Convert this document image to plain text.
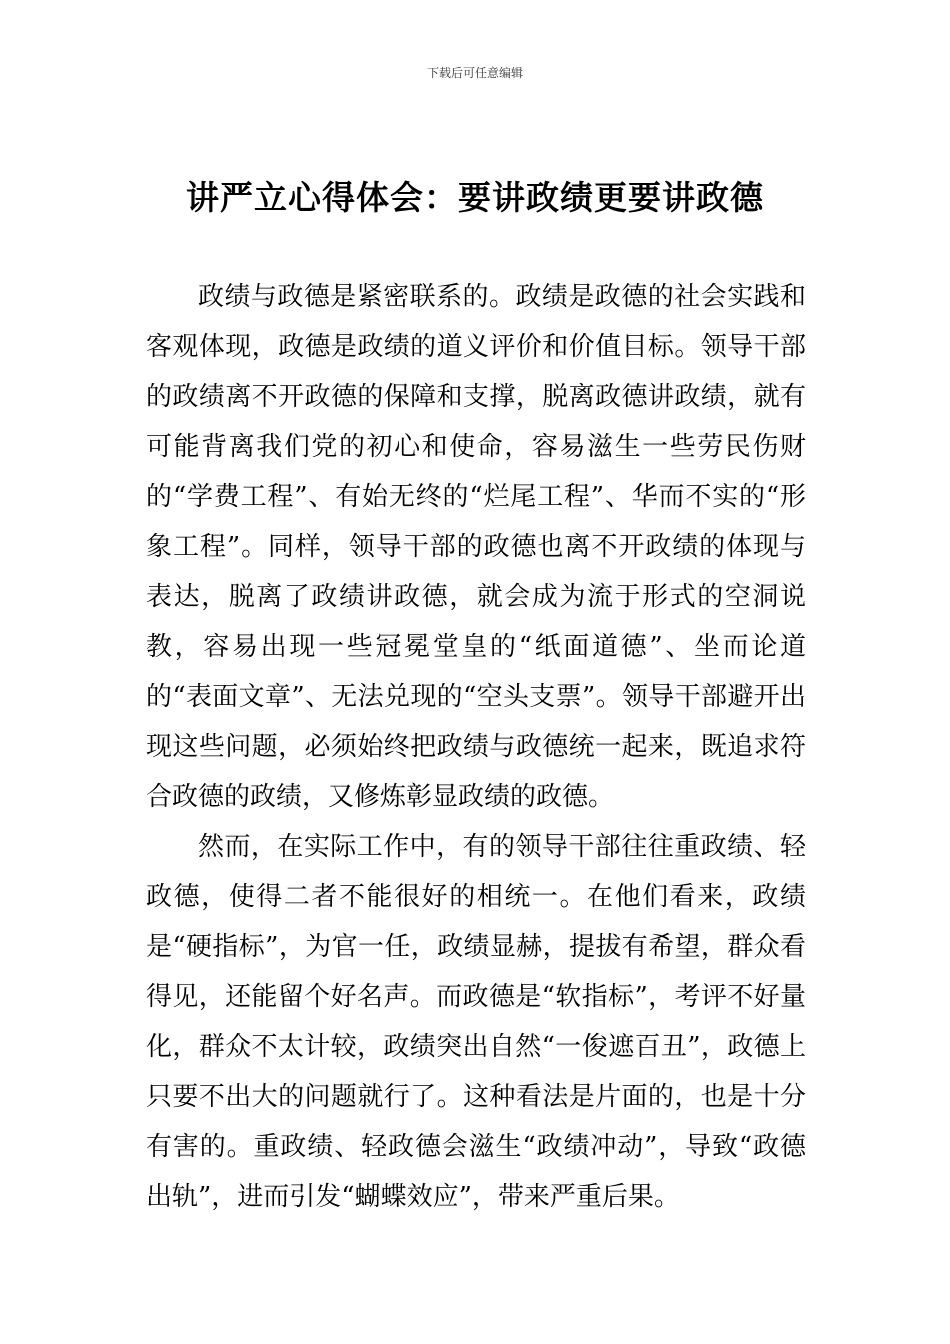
下载后可任意编辑
讲严立心得体会：要讲政绩更要讲政德

政绩与政德是紧密联系的。政绩是政德的社会实践和客观体现，政德是政绩的道义评价和价值目标。领导干部的政绩离不开政德的保障和支撑，脱离政德讲政绩，就有可能背离我们党的初心和使命，容易滋生一些劳民伤财的“学费工程”、有始无终的“烂尾工程”、华而不实的“形象工程”。同样，领导干部的政德也离不开政绩的体现与表达，脱离了政绩讲政德，就会成为流于形式的空洞说教，容易出现一些冠冕堂皇的“纸面道德”、坐而论道的“表面文章”、无法兑现的“空头支票”。领导干部避开出现这些问题，必须始终把政绩与政德统一起来，既追求符合政德的政绩，又修炼彰显政绩的政德。

然而，在实际工作中，有的领导干部往往重政绩、轻政德，使得二者不能很好的相统一。在他们看来，政绩是“硬指标”，为官一任，政绩显赫，提拔有希望，群众看得见，还能留个好名声。而政德是“软指标”，考评不好量化，群众不太计较，政绩突出自然“一俊遮百丑”，政德上只要不出大的问题就行了。这种看法是片面的，也是十分有害的。重政绩、轻政德会滋生“政绩冲动”，导致“政德出轨”，进而引发“蝴蝶效应”，带来严重后果。
